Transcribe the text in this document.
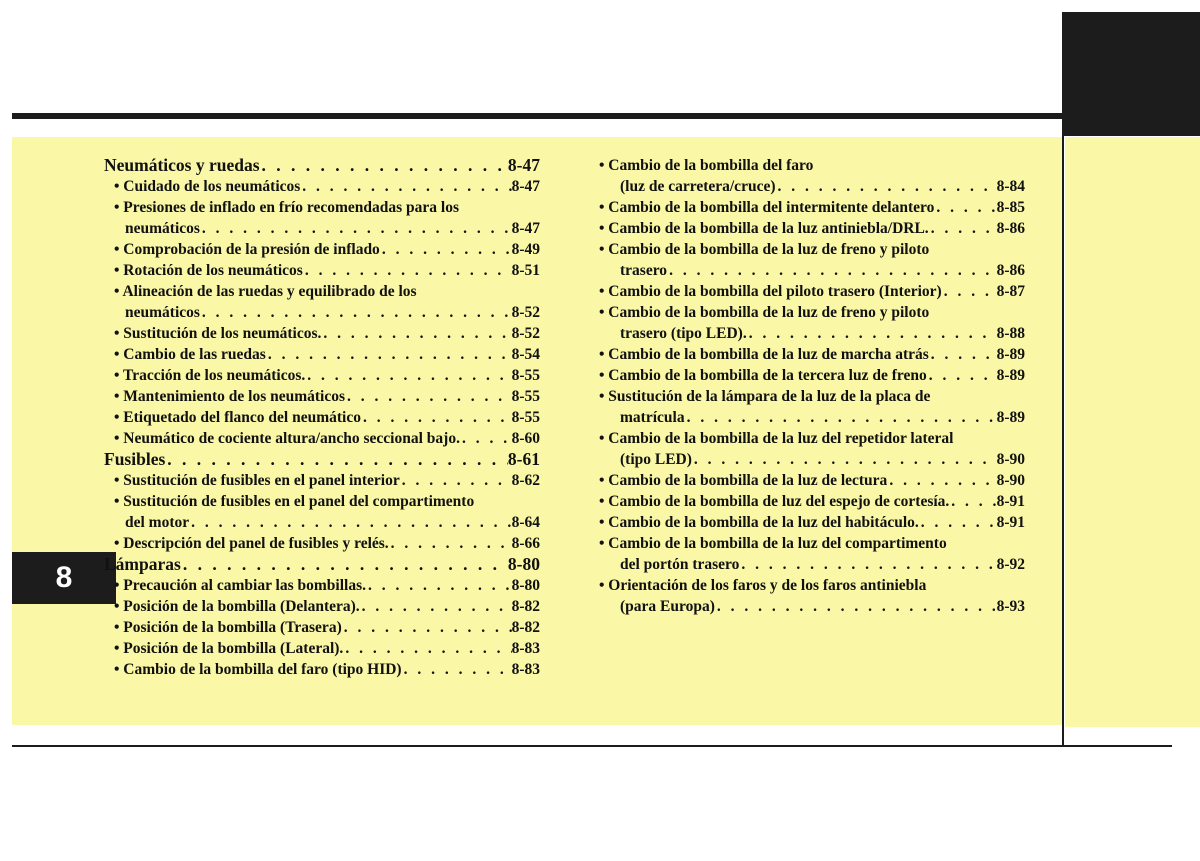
8
Neumáticos y ruedas . . .	8-47
• Cuidado de los neumáticos . . .	8-47
• Presiones de inflado en frío recomendadas para los
neumáticos . . .	8-47
• Comprobación de la presión de inflado . . .	8-49
• Rotación de los neumáticos . . .	8-51
• Alineación de las ruedas y equilibrado de los
neumáticos . . .	8-52
• Sustitución de los neumáticos. . . .	8-52
• Cambio de las ruedas . . .	8-54
• Tracción de los neumáticos. . . .	8-55
• Mantenimiento de los neumáticos . . .	8-55
• Etiquetado del flanco del neumático . . .	8-55
• Neumático de cociente altura/ancho seccional bajo. . . .	8-60
Fusibles . . .	8-61
• Sustitución de fusibles en el panel interior . . .	8-62
• Sustitución de fusibles en el panel del compartimento
del motor . . .	8-64
• Descripción del panel de fusibles y relés. . . .	8-66
Lámparas . . .	8-80
• Precaución al cambiar las bombillas. . . .	8-80
• Posición de la bombilla (Delantera). . . .	8-82
• Posición de la bombilla (Trasera) . . .	8-82
• Posición de la bombilla (Lateral). . . .	8-83
• Cambio de la bombilla del faro (tipo HID) . . .	8-83
• Cambio de la bombilla del faro
(luz de carretera/cruce) . . .	8-84
• Cambio de la bombilla del intermitente delantero . . .	8-85
• Cambio de la bombilla de la luz antiniebla/DRL. . . .	8-86
• Cambio de la bombilla de la luz de freno y piloto
trasero . . .	8-86
• Cambio de la bombilla del piloto trasero (Interior) . . .	8-87
• Cambio de la bombilla de la luz de freno y piloto
trasero (tipo LED). . . .	8-88
• Cambio de la bombilla de la luz de marcha atrás . . .	8-89
• Cambio de la bombilla de la tercera luz de freno . . .	8-89
• Sustitución de la lámpara de la luz de la placa de
matrícula . . .	8-89
• Cambio de la bombilla de la luz del repetidor lateral
(tipo LED) . . .	8-90
• Cambio de la bombilla de la luz de lectura . . .	8-90
• Cambio de la bombilla de luz del espejo de cortesía. . . .	8-91
• Cambio de la bombilla de la luz del habitáculo. . . .	8-91
• Cambio de la bombilla de la luz del compartimento
del portón trasero . . .	8-92
• Orientación de los faros y de los faros antiniebla
(para Europa) . . .	8-93
